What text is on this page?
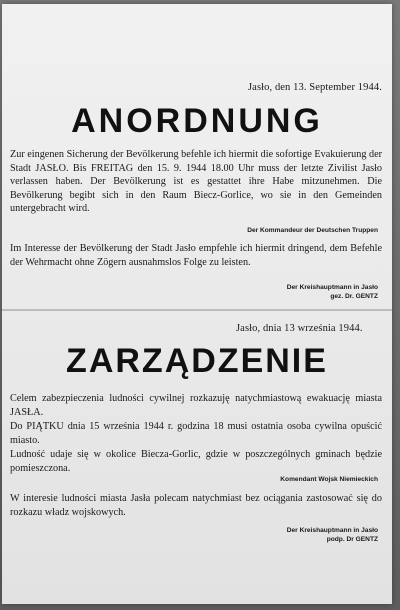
Jasło, den 13. September 1944.
ANORDNUNG
Zur eingenen Sicherung der Bevölkerung befehle ich hiermit die sofortige Evakuierung der Stadt JASŁO. Bis FREITAG den 15. 9. 1944 18.00 Uhr muss der letzte Zivilist Jasło verlassen haben. Der Bevölkerung ist es gestattet ihre Habe mitzunehmen. Die Bevölkerung begibt sich in den Raum Biecz-Gorlice, wo sie in den Gemeinden untergebracht wird.
Der Kommandeur der Deutschen Truppen
Im Interesse der Bevölkerung der Stadt Jasło empfehle ich hiermit dringend, dem Befehle der Wehrmacht ohne Zögern ausnahmslos Folge zu leisten.
Der Kreishauptmann in Jasło
gez. Dr. GENTZ
Jasło, dnia 13 września 1944.
ZARZĄDZENIE
Celem zabezpieczenia ludności cywilnej rozkazuję natychmiastową ewakuację miasta JASŁA.
Do PIĄTKU dnia 15 września 1944 r. godzina 18 musi ostatnia osoba cywilna opuścić miasto.
Ludność udaje się w okolice Biecza-Gorlic, gdzie w poszczególnych gminach będzie pomieszczona.
Komendant Wojsk Niemieckich
W interesie ludności miasta Jasła polecam natychmiast bez ociągania zastosować się do rozkazu władz wojskowych.
Der Kreishauptmann in Jasło
podp. Dr GENTZ
